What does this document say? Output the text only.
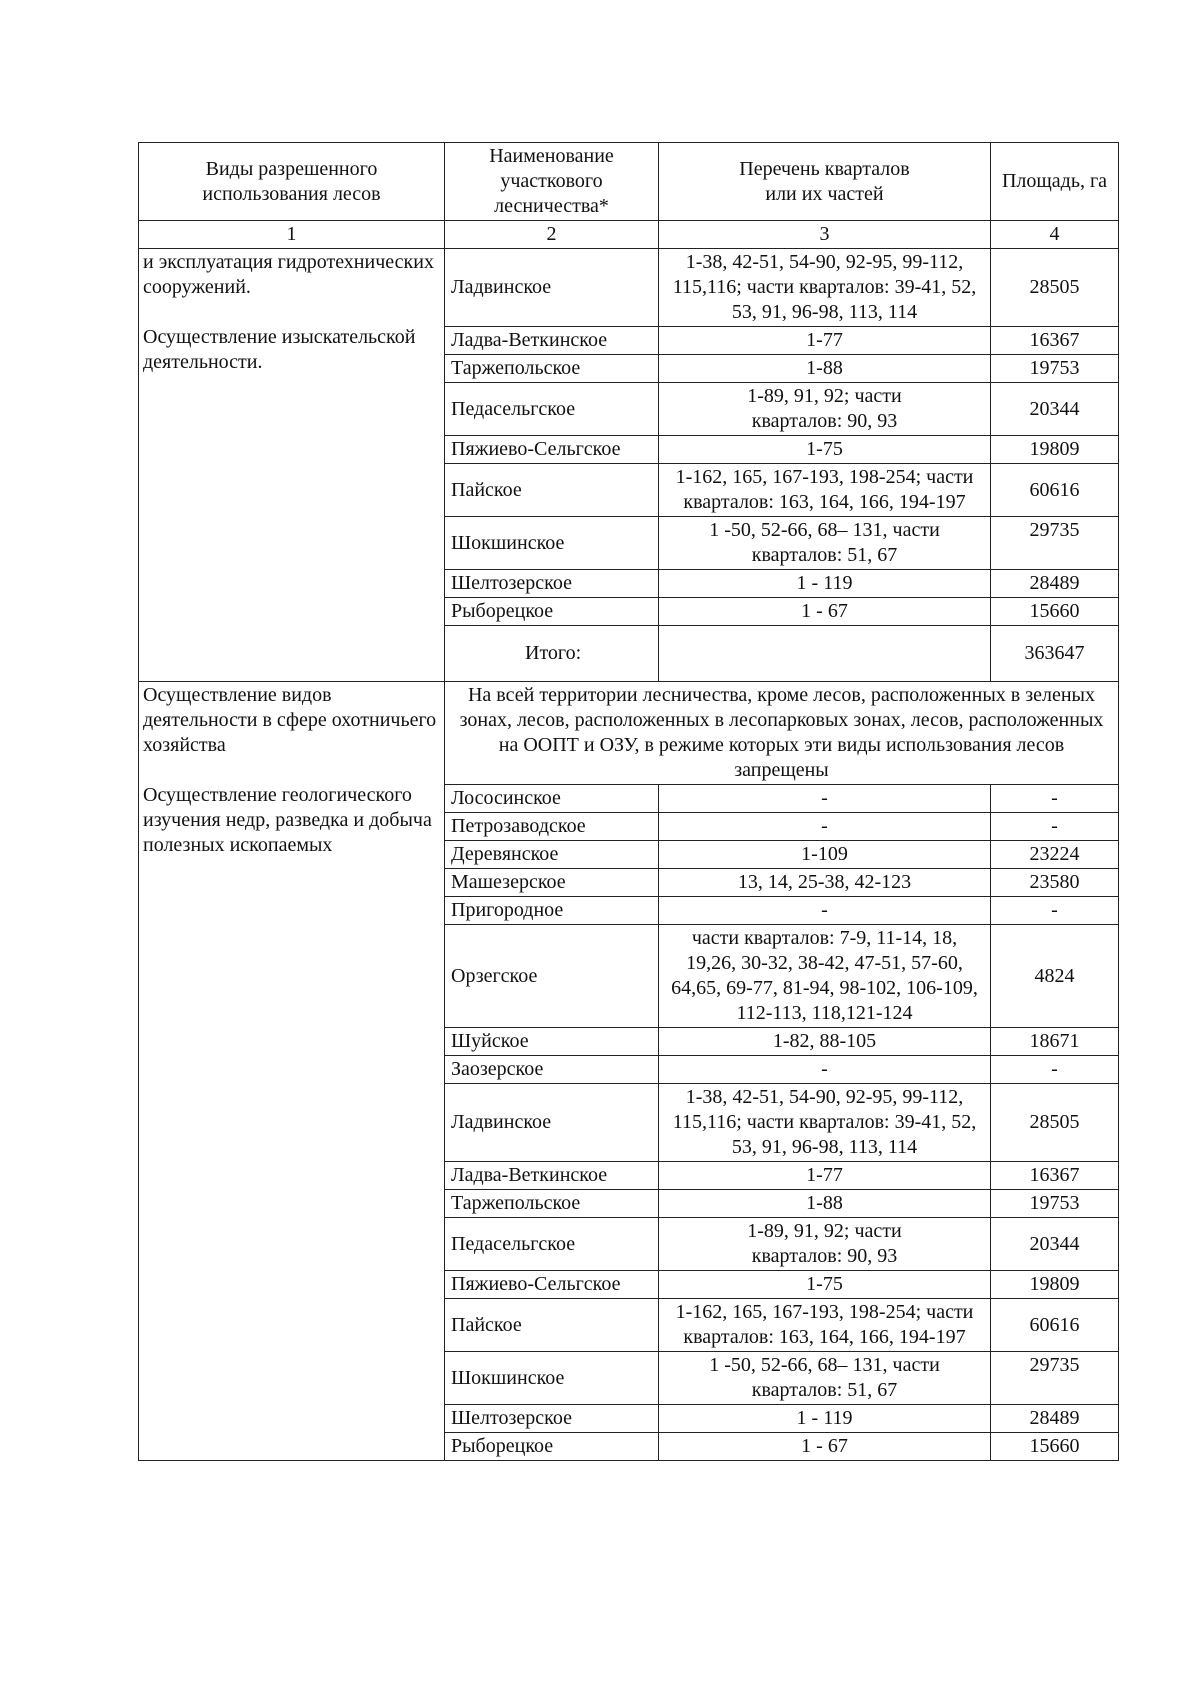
Виды разрешенного использования лесов	Наименование участкового лесничества*	Перечень кварталов или их частей	Площадь, га
1	2	3	4

и эксплуатация гидротехнических сооружений.
Осуществление изыскательской деятельности.	Ладвинское	1-38, 42-51, 54-90, 92-95, 99-112, 115,116; части кварталов: 39-41, 52, 53, 91, 96-98, 113, 114	28505
	Ладва-Веткинское	1-77	16367
	Таржепольское	1-88	19753
	Педасельгское	1-89, 91, 92; части кварталов: 90, 93	20344
	Пяжиево-Сельгское	1-75	19809
	Пайское	1-162, 165, 167-193, 198-254; части кварталов: 163, 164, 166, 194-197	60616
	Шокшинское	1 -50, 52-66, 68– 131, части кварталов: 51, 67	29735
	Шелтозерское	1 - 119	28489
	Рыборецкое	1 - 67	15660
	Итого:		363647

Осуществление видов деятельности в сфере охотничьего хозяйства
Осуществление геологического изучения недр, разведка и добыча полезных ископаемых	На всей территории лесничества, кроме лесов, расположенных в зеленых зонах, лесов, расположенных в лесопарковых зонах, лесов, расположенных на ООПТ и ОЗУ, в режиме которых эти виды использования лесов запрещены		
	Лососинское	-	-
	Петрозаводское	-	-
	Деревянское	1-109	23224
	Машезерское	13, 14, 25-38, 42-123	23580
	Пригородное	-	-
	Орзегское	части кварталов: 7-9, 11-14, 18, 19,26, 30-32, 38-42, 47-51, 57-60, 64,65, 69-77, 81-94, 98-102, 106-109, 112-113, 118,121-124	4824
	Шуйское	1-82, 88-105	18671
	Заозерское	-	-
	Ладвинское	1-38, 42-51, 54-90, 92-95, 99-112, 115,116; части кварталов: 39-41, 52, 53, 91, 96-98, 113, 114	28505
	Ладва-Веткинское	1-77	16367
	Таржепольское	1-88	19753
	Педасельгское	1-89, 91, 92; части кварталов: 90, 93	20344
	Пяжиево-Сельгское	1-75	19809
	Пайское	1-162, 165, 167-193, 198-254; части кварталов: 163, 164, 166, 194-197	60616
	Шокшинское	1 -50, 52-66, 68– 131, части кварталов: 51, 67	29735
	Шелтозерское	1 - 119	28489
	Рыборецкое	1 - 67	15660
